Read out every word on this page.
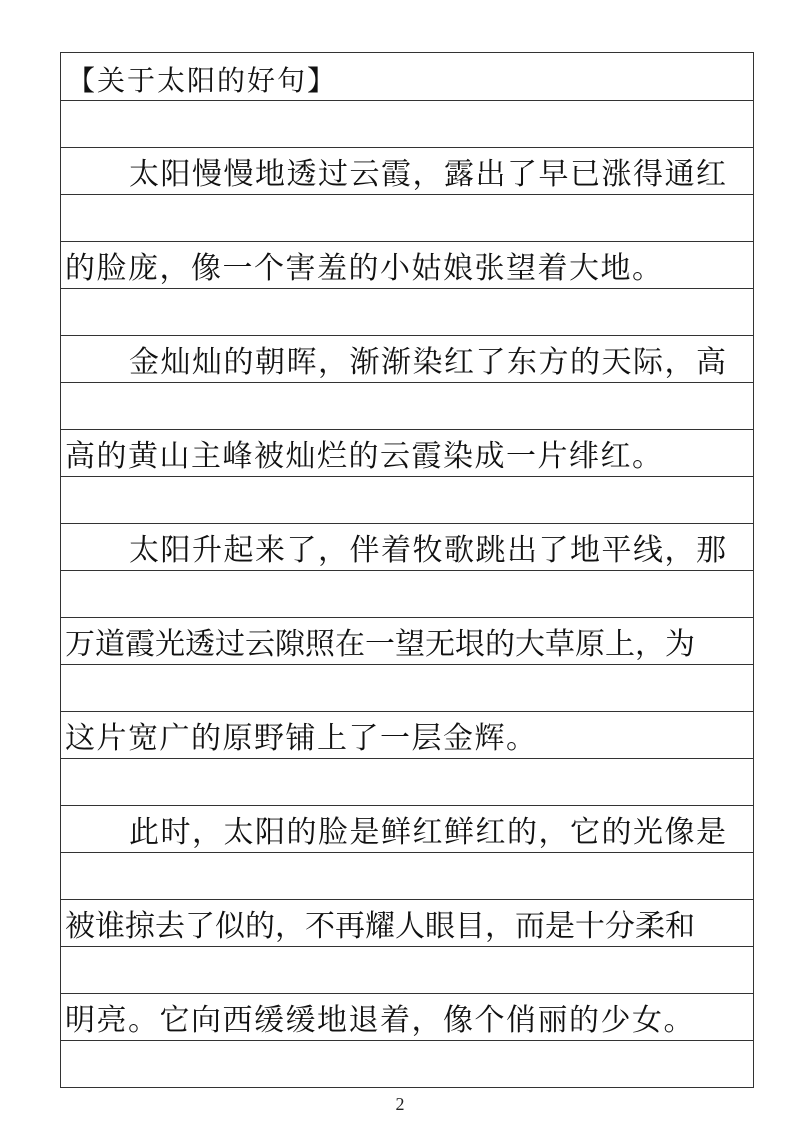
【关于太阳的好句】
太阳慢慢地透过云霞，露出了早已涨得通红
的脸庞，像一个害羞的小姑娘张望着大地。
金灿灿的朝晖，渐渐染红了东方的天际，高
高的黄山主峰被灿烂的云霞染成一片绯红。
太阳升起来了，伴着牧歌跳出了地平线，那
万道霞光透过云隙照在一望无垠的大草原上，为
这片宽广的原野铺上了一层金辉。
此时，太阳的脸是鲜红鲜红的，它的光像是
被谁掠去了似的，不再耀人眼目，而是十分柔和
明亮。它向西缓缓地退着，像个俏丽的少女。
2
